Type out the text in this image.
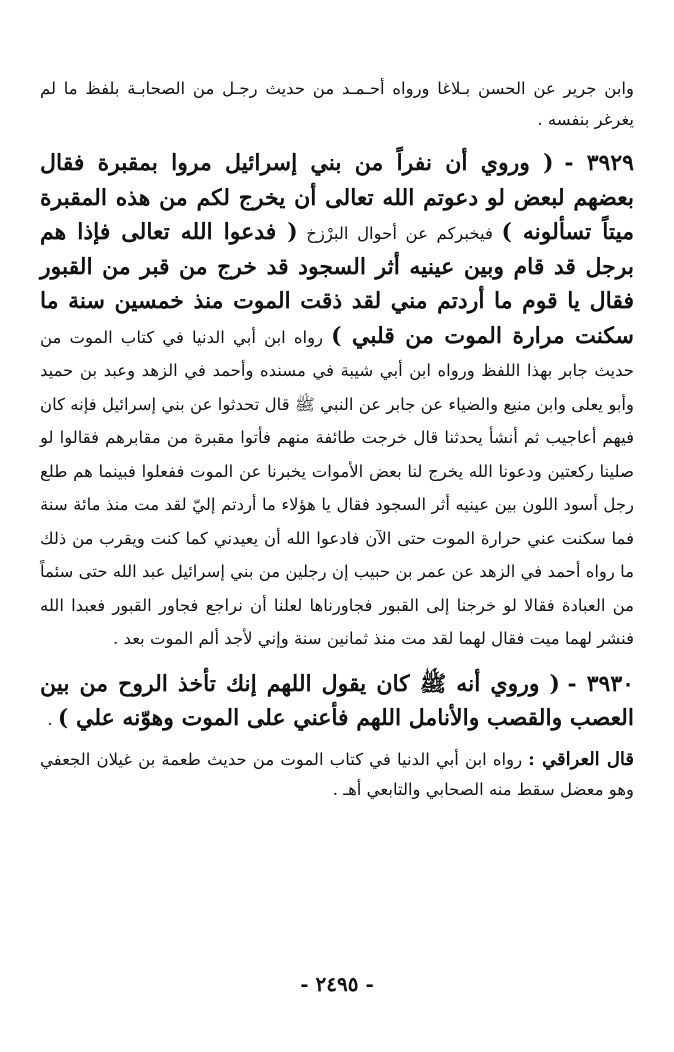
وابن جرير عن الحسن بـلاغا ورواه أحـمـد من حديث رجـل من الصحابـة بلفظ ما لم يغرغر بنفسه .

٣٩٢٩ - ( وروي أن نفراً من بني إسرائيل مروا بمقبرة فقال بعضهم لبعض لو دعوتم الله تعالى أن يخرج لكم من هذه المقبرة ميتاً تسألونه ) فيخبركم عن أحوال البرْزخ ( فدعوا الله تعالى فإذا هم برجل قد قام وبين عينيه أثر السجود قد خرج من قبر من القبور فقال يا قوم ما أردتم مني لقد ذقت الموت منذ خمسين سنة ما سكنت مرارة الموت من قلبي ) رواه ابن أبي الدنيا في كتاب الموت من حديث جابر بهذا اللفظ ورواه ابن أبي شيبة في مسنده وأحمد في الزهد وعبد بن حميد وأبو يعلى وابن منيع والضياء عن جابر عن النبي ﷺ قال تحدثوا عن بني إسرائيل فإنه كان فيهم أعاجيب ثم أنشأ يحدثنا قال خرجت طائفة منهم فأتوا مقبرة من مقابرهم فقالوا لو صلينا ركعتين ودعونا الله يخرج لنا بعض الأموات يخبرنا عن الموت ففعلوا فبينما هم طلع رجل أسود اللون بين عينيه أثر السجود فقال يا هؤلاء ما أردتم إليّ لقد مت منذ مائة سنة فما سكنت عني حرارة الموت حتى الآن فادعوا الله أن يعيدني كما كنت ويقرب من ذلك ما رواه أحمد في الزهد عن عمر بن حبيب إن رجلين من بني إسرائيل عبد الله حتى سئماً من العبادة فقالا لو خرجنا إلى القبور فجاورناها لعلنا أن نراجع فجاور القبور فعبدا الله فنشر لهما ميت فقال لهما لقد مت منذ ثمانين سنة وإني لأجد ألم الموت بعد .

٣٩٣٠ - ( وروي أنه ﷺ كان يقول اللهم إنك تأخذ الروح من بين العصب والقصب والأنامل اللهم فأعني على الموت وهوّنه علي ) .

قال العراقي : رواه ابن أبي الدنيا في كتاب الموت من حديث طعمة بن غيلان الجعفي وهو معضل سقط منه الصحابي والتابعي أهـ .

- ٢٤٩٥ -
